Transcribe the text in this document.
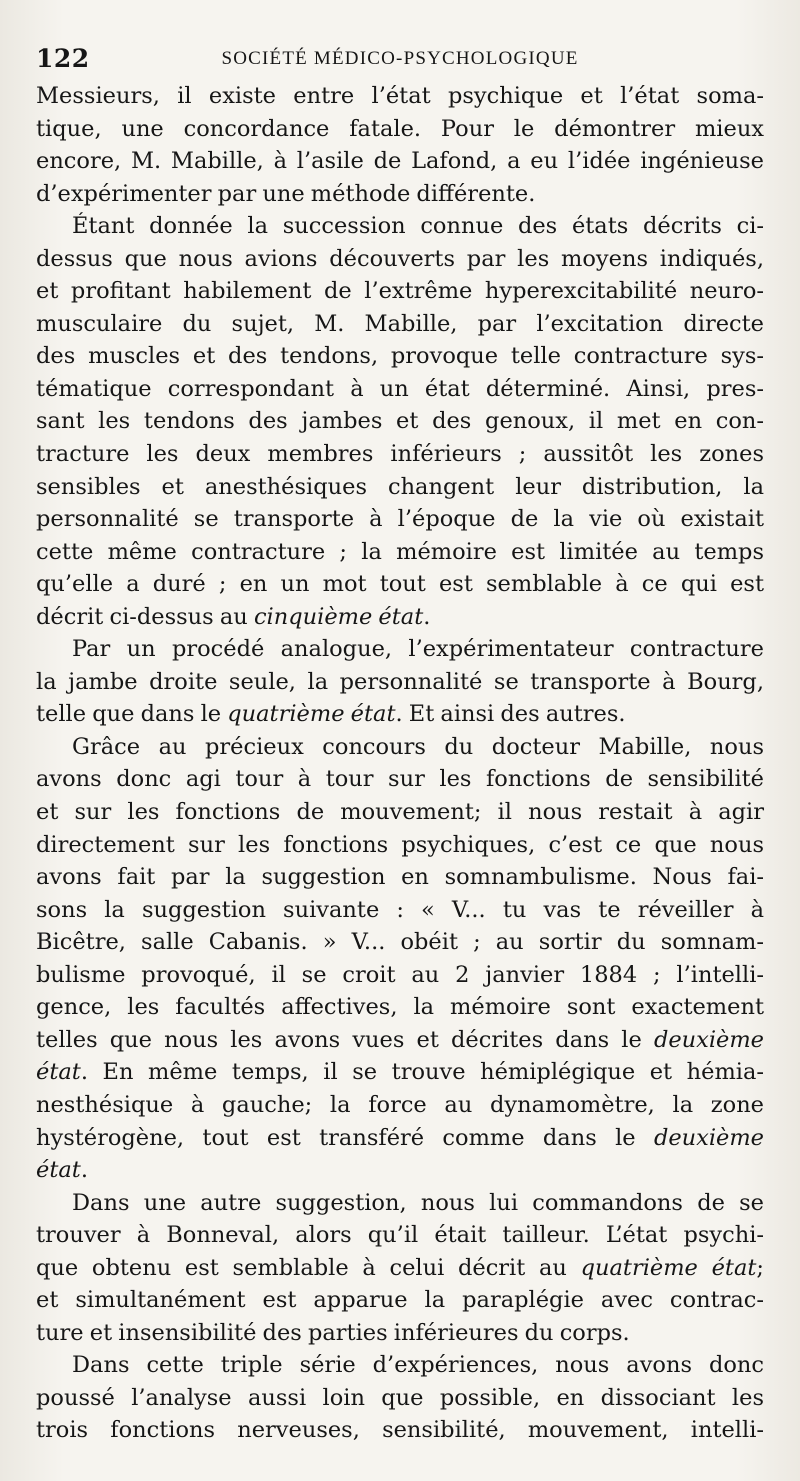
122	SOCIÉTÉ MÉDICO-PSYCHOLOGIQUE
Messieurs, il existe entre l’état psychique et l’état soma-
tique, une concordance fatale. Pour le démontrer mieux
encore, M. Mabille, à l’asile de Lafond, a eu l’idée ingénieuse
d’expérimenter par une méthode différente.
Étant donnée la succession connue des états décrits ci-
dessus que nous avions découverts par les moyens indiqués,
et profitant habilement de l’extrême hyperexcitabilité neuro-
musculaire du sujet, M. Mabille, par l’excitation directe
des muscles et des tendons, provoque telle contracture sys-
tématique correspondant à un état déterminé. Ainsi, pres-
sant les tendons des jambes et des genoux, il met en con-
tracture les deux membres inférieurs ; aussitôt les zones
sensibles et anesthésiques changent leur distribution, la
personnalité se transporte à l’époque de la vie où existait
cette même contracture ; la mémoire est limitée au temps
qu’elle a duré ; en un mot tout est semblable à ce qui est
décrit ci-dessus au cinquième état.
Par un procédé analogue, l’expérimentateur contracture
la jambe droite seule, la personnalité se transporte à Bourg,
telle que dans le quatrième état. Et ainsi des autres.
Grâce au précieux concours du docteur Mabille, nous
avons donc agi tour à tour sur les fonctions de sensibilité
et sur les fonctions de mouvement; il nous restait à agir
directement sur les fonctions psychiques, c’est ce que nous
avons fait par la suggestion en somnambulisme. Nous fai-
sons la suggestion suivante : « V... tu vas te réveiller à
Bicêtre, salle Cabanis. » V... obéit ; au sortir du somnam-
bulisme provoqué, il se croit au 2 janvier 1884 ; l’intelli-
gence, les facultés affectives, la mémoire sont exactement
telles que nous les avons vues et décrites dans le deuxième
état. En même temps, il se trouve hémiplégique et hémia-
nesthésique à gauche; la force au dynamomètre, la zone
hystérogène, tout est transféré comme dans le deuxième
état.
Dans une autre suggestion, nous lui commandons de se
trouver à Bonneval, alors qu’il était tailleur. L’état psychi-
que obtenu est semblable à celui décrit au quatrième état;
et simultanément est apparue la paraplégie avec contrac-
ture et insensibilité des parties inférieures du corps.
Dans cette triple série d’expériences, nous avons donc
poussé l’analyse aussi loin que possible, en dissociant les
trois fonctions nerveuses, sensibilité, mouvement, intelli-
